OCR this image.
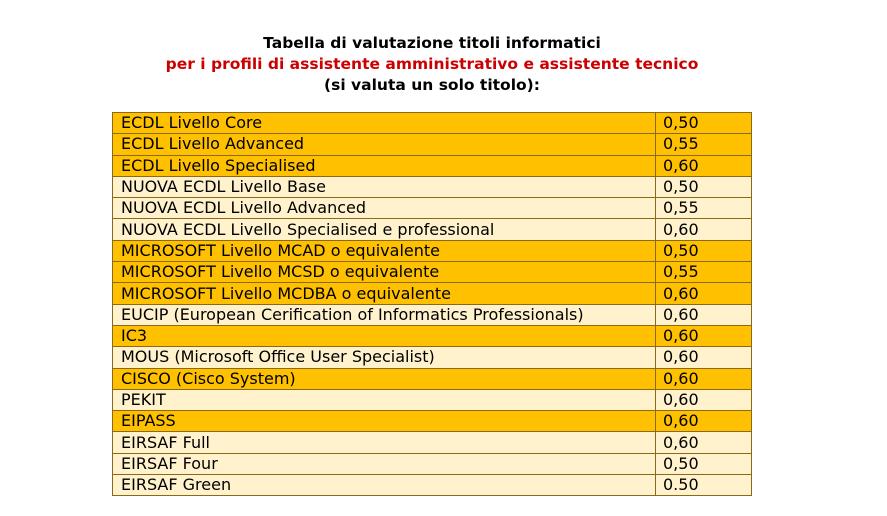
Tabella di valutazione titoli informatici
per i profili di assistente amministrativo e assistente tecnico
(si valuta un solo titolo):
ECDL Livello Core	0,50
ECDL Livello Advanced	0,55
ECDL Livello Specialised	0,60
NUOVA ECDL Livello Base	0,50
NUOVA ECDL Livello Advanced	0,55
NUOVA ECDL Livello Specialised e professional	0,60
MICROSOFT Livello MCAD o equivalente	0,50
MICROSOFT Livello MCSD o equivalente	0,55
MICROSOFT Livello MCDBA o equivalente	0,60
EUCIP (European Cerification of Informatics Professionals)	0,60
IC3	0,60
MOUS (Microsoft Office User Specialist)	0,60
CISCO (Cisco System)	0,60
PEKIT	0,60
EIPASS	0,60
EIRSAF Full	0,60
EIRSAF Four	0,50
EIRSAF Green	0.50
